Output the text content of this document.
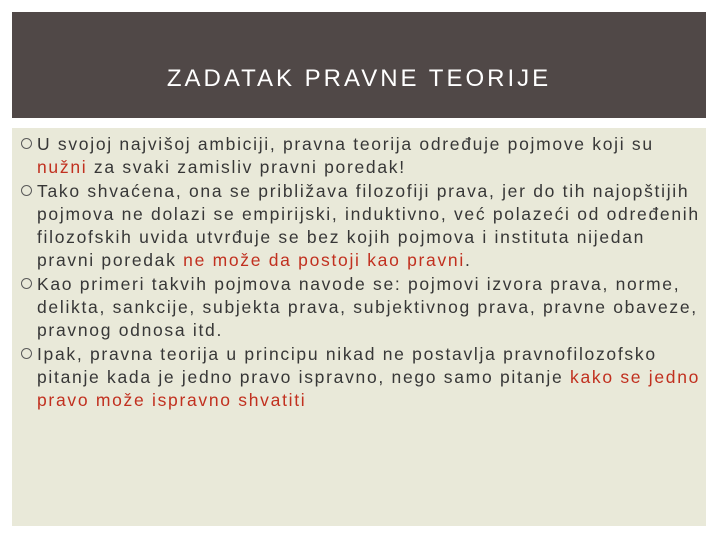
ZADATAK PRAVNE TEORIJE
U svojoj najvišoj ambiciji, pravna teorija određuje pojmove koji su nužni za svaki zamisliv pravni poredak!
Tako shvaćena, ona se približava filozofiji prava, jer do tih najopštijih pojmova ne dolazi se empirijski, induktivno, već polazeći od određenih filozofskih uvida utvrđuje se bez kojih pojmova i instituta nijedan pravni poredak ne može da postoji kao pravni.
Kao primeri takvih pojmova navode se: pojmovi izvora prava, norme, delikta, sankcije, subjekta prava, subjektivnog prava, pravne obaveze, pravnog odnosa itd.
Ipak, pravna teorija u principu nikad ne postavlja pravnofilozofsko pitanje kada je jedno pravo ispravno, nego samo pitanje kako se jedno pravo može ispravno shvatiti
